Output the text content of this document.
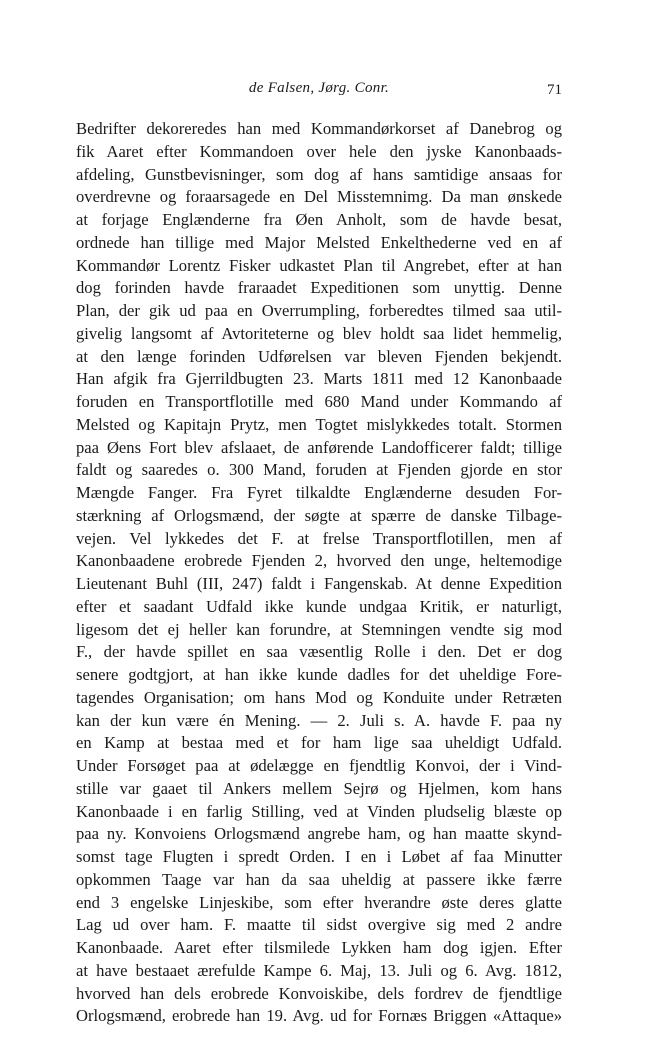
de Falsen, Jørg. Conr.	71
Bedrifter dekoreredes han med Kommandørkorset af Danebrog og
fik Aaret efter Kommandoen over hele den jyske Kanonbaads-
afdeling, Gunstbevisninger, som dog af hans samtidige ansaas for
overdrevne og foraarsagede en Del Misstemnimg. Da man ønskede
at forjage Englænderne fra Øen Anholt, som de havde besat,
ordnede han tillige med Major Melsted Enkelthederne ved en af
Kommandør Lorentz Fisker udkastet Plan til Angrebet, efter at han
dog forinden havde fraraadet Expeditionen som unyttig. Denne
Plan, der gik ud paa en Overrumpling, forberedtes tilmed saa util-
givelig langsomt af Avtoriteterne og blev holdt saa lidet hemmelig,
at den længe forinden Udførelsen var bleven Fjenden bekjendt.
Han afgik fra Gjerrildbugten 23. Marts 1811 med 12 Kanonbaade
foruden en Transportflotille med 680 Mand under Kommando af
Melsted og Kapitajn Prytz, men Togtet mislykkedes totalt. Stormen
paa Øens Fort blev afslaaet, de anførende Landofficerer faldt; tillige
faldt og saaredes o. 300 Mand, foruden at Fjenden gjorde en stor
Mængde Fanger. Fra Fyret tilkaldte Englænderne desuden For-
stærkning af Orlogsmænd, der søgte at spærre de danske Tilbage-
vejen. Vel lykkedes det F. at frelse Transportflotillen, men af
Kanonbaadene erobrede Fjenden 2, hvorved den unge, heltemodige
Lieutenant Buhl (III, 247) faldt i Fangenskab. At denne Expedition
efter et saadant Udfald ikke kunde undgaa Kritik, er naturligt,
ligesom det ej heller kan forundre, at Stemningen vendte sig mod
F., der havde spillet en saa væsentlig Rolle i den. Det er dog
senere godtgjort, at han ikke kunde dadles for det uheldige Fore-
tagendes Organisation; om hans Mod og Konduite under Retræten
kan der kun være én Mening. — 2. Juli s. A. havde F. paa ny
en Kamp at bestaa med et for ham lige saa uheldigt Udfald.
Under Forsøget paa at ødelægge en fjendtlig Konvoi, der i Vind-
stille var gaaet til Ankers mellem Sejrø og Hjelmen, kom hans
Kanonbaade i en farlig Stilling, ved at Vinden pludselig blæste op
paa ny. Konvoiens Orlogsmænd angrebe ham, og han maatte skynd-
somst tage Flugten i spredt Orden. I en i Løbet af faa Minutter
opkommen Taage var han da saa uheldig at passere ikke færre
end 3 engelske Linjeskibe, som efter hverandre øste deres glatte
Lag ud over ham. F. maatte til sidst overgive sig med 2 andre
Kanonbaade. Aaret efter tilsmilede Lykken ham dog igjen. Efter
at have bestaaet ærefulde Kampe 6. Maj, 13. Juli og 6. Avg. 1812,
hvorved han dels erobrede Konvoiskibe, dels fordrev de fjendtlige
Orlogsmænd, erobrede han 19. Avg. ud for Fornæs Briggen «Attaque»
